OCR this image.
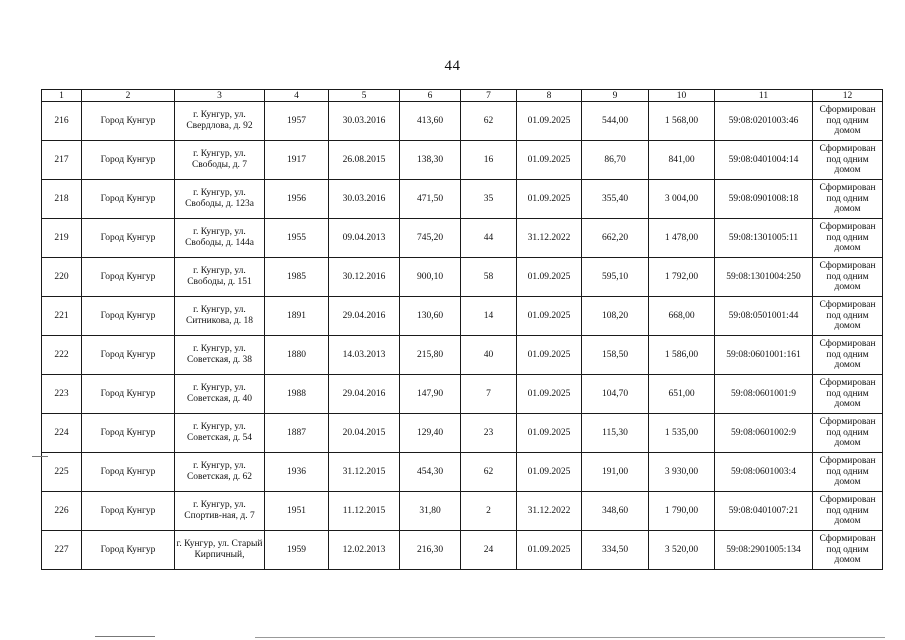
44
1	2	3	4	5	6	7	8	9	10	11	12
216	Город Кунгур	г. Кунгур, ул. Свердлова, д. 92	1957	30.03.2016	413,60	62	01.09.2025	544,00	1 568,00	59:08:0201003:46	Сформирован под одним домом
217	Город Кунгур	г. Кунгур, ул. Свободы, д. 7	1917	26.08.2015	138,30	16	01.09.2025	86,70	841,00	59:08:0401004:14	Сформирован под одним домом
218	Город Кунгур	г. Кунгур, ул. Свободы, д. 123а	1956	30.03.2016	471,50	35	01.09.2025	355,40	3 004,00	59:08:0901008:18	Сформирован под одним домом
219	Город Кунгур	г. Кунгур, ул. Свободы, д. 144а	1955	09.04.2013	745,20	44	31.12.2022	662,20	1 478,00	59:08:1301005:11	Сформирован под одним домом
220	Город Кунгур	г. Кунгур, ул. Свободы, д. 151	1985	30.12.2016	900,10	58	01.09.2025	595,10	1 792,00	59:08:1301004:250	Сформирован под одним домом
221	Город Кунгур	г. Кунгур, ул. Ситникова, д. 18	1891	29.04.2016	130,60	14	01.09.2025	108,20	668,00	59:08:0501001:44	Сформирован под одним домом
222	Город Кунгур	г. Кунгур, ул. Советская, д. 38	1880	14.03.2013	215,80	40	01.09.2025	158,50	1 586,00	59:08:0601001:161	Сформирован под одним домом
223	Город Кунгур	г. Кунгур, ул. Советская, д. 40	1988	29.04.2016	147,90	7	01.09.2025	104,70	651,00	59:08:0601001:9	Сформирован под одним домом
224	Город Кунгур	г. Кунгур, ул. Советская, д. 54	1887	20.04.2015	129,40	23	01.09.2025	115,30	1 535,00	59:08:0601002:9	Сформирован под одним домом
225	Город Кунгур	г. Кунгур, ул. Советская, д. 62	1936	31.12.2015	454,30	62	01.09.2025	191,00	3 930,00	59:08:0601003:4	Сформирован под одним домом
226	Город Кунгур	г. Кунгур, ул. Спортив-ная, д. 7	1951	11.12.2015	31,80	2	31.12.2022	348,60	1 790,00	59:08:0401007:21	Сформирован под одним домом
227	Город Кунгур	г. Кунгур, ул. Старый Кирпичный,	1959	12.02.2013	216,30	24	01.09.2025	334,50	3 520,00	59:08:2901005:134	Сформирован под одним домом
